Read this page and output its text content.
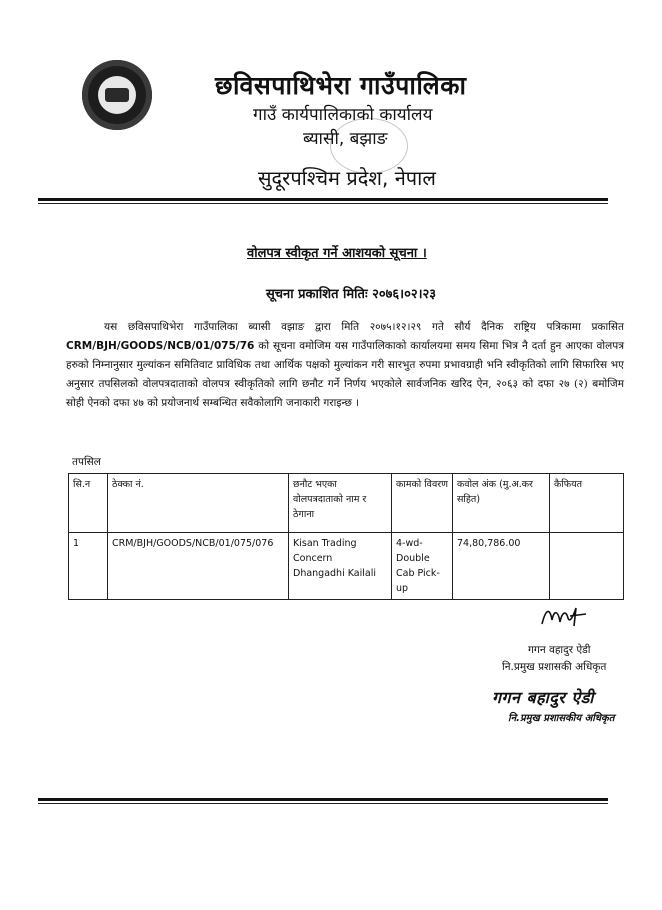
छविसपाथिभेरा गाउँपालिका
गाउँ कार्यपालिकाको कार्यालय
ब्यासी, बझाङ
सुदूरपश्चिम प्रदेश, नेपाल
वोलपत्र स्वीकृत गर्ने आशयको सूचना ।
सूचना प्रकाशित मितिः २०७६।०२।२३
यस छविसपाथिभेरा गाउँपालिका ब्यासी वझाङ द्वारा मिति २०७५।१२।२९ गते सौर्य दैनिक राष्ट्रिय पत्रिकामा प्रकासित CRM/BJH/GOODS/NCB/01/075/76 को सूचना वमोजिम यस गाउँपालिकाको कार्यालयमा समय सिमा भित्र नै दर्ता हुन आएका वोलपत्र हरुको निम्नानुसार मुल्यांकन समितिवाट प्राविधिक तथा आर्थिक पक्षको मुल्यांकन गरी सारभुत रुपमा प्रभावग्राही भनि स्वीकृतिको लागि सिफारिस भए अनुसार तपसिलको वोलपत्रदाताको वोलपत्र स्वीकृतिको लागि छनौट गर्ने निर्णय भएकोले सार्वजनिक खरिद ऐन, २०६३ को दफा २७ (२) बमोजिम सोही ऐनको दफा ४७ को प्रयोजनार्थ सम्बन्धित सवैकोलागि जनाकारी गराइन्छ ।
तपसिल
सि.न	ठेक्का नं.	छनौट भएका वोलपत्रदाताको नाम र ठेगाना	कामको विवरण	कवोल अंक (मु.अ.कर सहित)	कैफियत
1	CRM/BJH/GOODS/NCB/01/075/076	Kisan Trading Concern Dhangadhi Kailali	4-wd-Double Cab Pick-up	74,80,786.00	
गगन वहादुर ऐडी
नि.प्रमुख प्रशासकी अधिकृत
गगन बहादुर ऐडी
नि.प्रमुख प्रशासकीय अधिकृत
